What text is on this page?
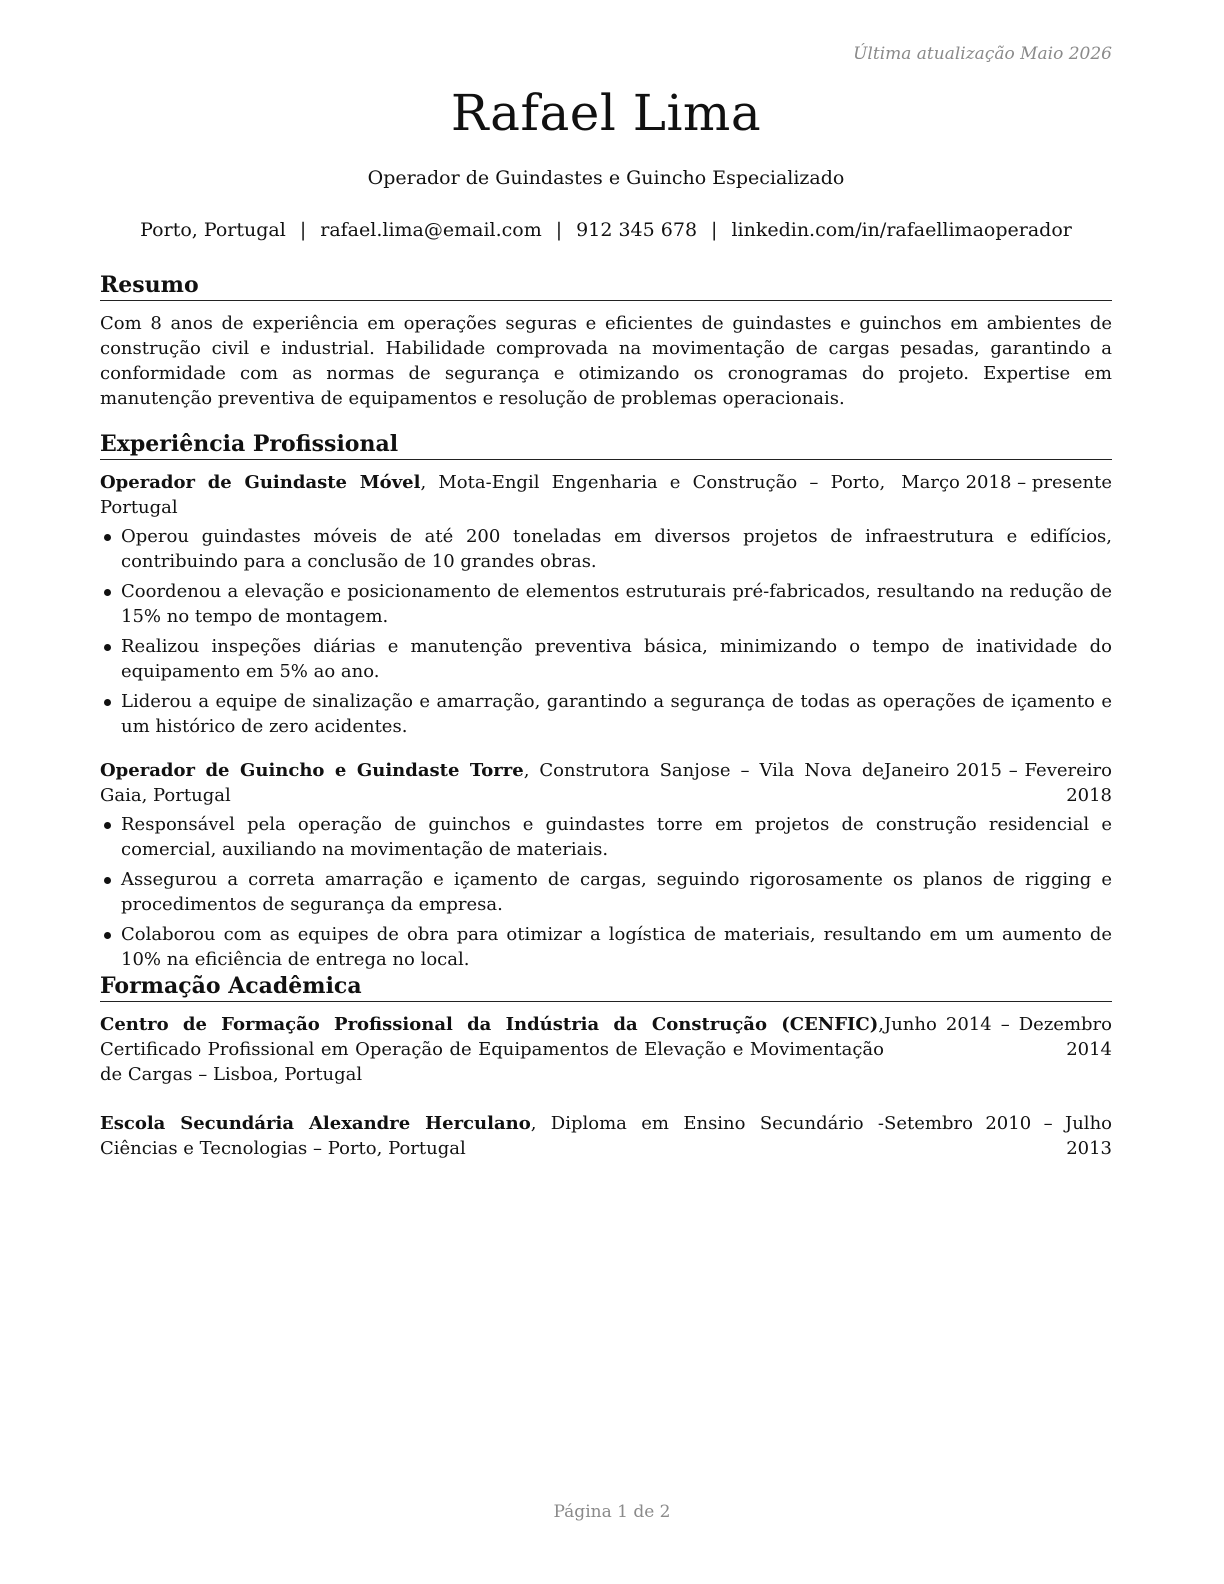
Última atualização Maio 2026
Rafael Lima
Operador de Guindastes e Guincho Especializado
Porto, Portugal | rafael.lima@email.com | 912 345 678 | linkedin.com/in/rafaellimaoperador
Resumo

Com 8 anos de experiência em operações seguras e eficientes de guindastes e guinchos em ambientes de construção civil e industrial. Habilidade comprovada na movimentação de cargas pesadas, garantindo a conformidade com as normas de segurança e otimizando os cronogramas do projeto. Expertise em manutenção preventiva de equipamentos e resolução de problemas operacionais.

Experiência Profissional
Operador de Guindaste Móvel, Mota-Engil Engenharia e Construção – Porto, Portugal
Março 2018 – presente
Operou guindastes móveis de até 200 toneladas em diversos projetos de infraestrutura e edifícios, contribuindo para a conclusão de 10 grandes obras.
Coordenou a elevação e posicionamento de elementos estruturais pré-fabricados, resultando na redução de 15% no tempo de montagem.
Realizou inspeções diárias e manutenção preventiva básica, minimizando o tempo de inatividade do equipamento em 5% ao ano.
Liderou a equipe de sinalização e amarração, garantindo a segurança de todas as operações de içamento e um histórico de zero acidentes.
Operador de Guincho e Guindaste Torre, Construtora Sanjose – Vila Nova de Gaia, Portugal
Janeiro 2015 – Fevereiro 2018
Responsável pela operação de guinchos e guindastes torre em projetos de construção residencial e comercial, auxiliando na movimentação de materiais.
Assegurou a correta amarração e içamento de cargas, seguindo rigorosamente os planos de rigging e procedimentos de segurança da empresa.
Colaborou com as equipes de obra para otimizar a logística de materiais, resultando em um aumento de 10% na eficiência de entrega no local.
Formação Acadêmica
Centro de Formação Profissional da Indústria da Construção (CENFIC), Certificado Profissional em Operação de Equipamentos de Elevação e Movimentação de Cargas – Lisboa, Portugal
Junho 2014 – Dezembro 2014
Escola Secundária Alexandre Herculano, Diploma em Ensino Secundário - Ciências e Tecnologias – Porto, Portugal
Setembro 2010 – Julho 2013
Página 1 de 2
